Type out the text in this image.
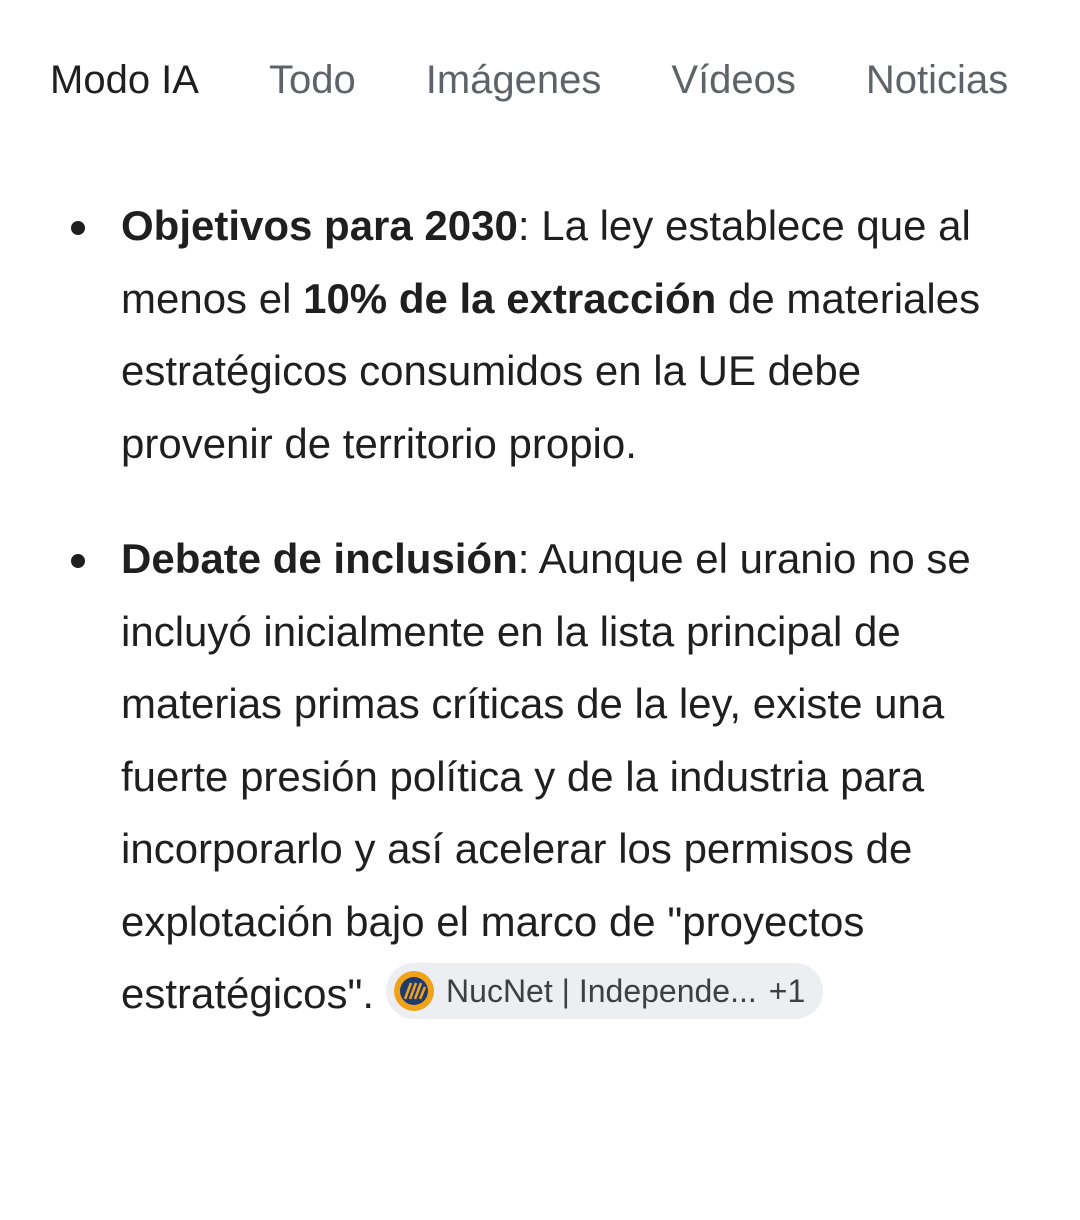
Modo IA Todo Imágenes Vídeos Noticias
Objetivos para 2030: La ley establece que al menos el 10% de la extracción de materiales estratégicos consumidos en la UE debe provenir de territorio propio.
Debate de inclusión: Aunque el uranio no se incluyó inicialmente en la lista principal de materias primas críticas de la ley, existe una fuerte presión política y de la industria para incorporarlo y así acelerar los permisos de explotación bajo el marco de "proyectos estratégicos". NucNet | Independe... +1
